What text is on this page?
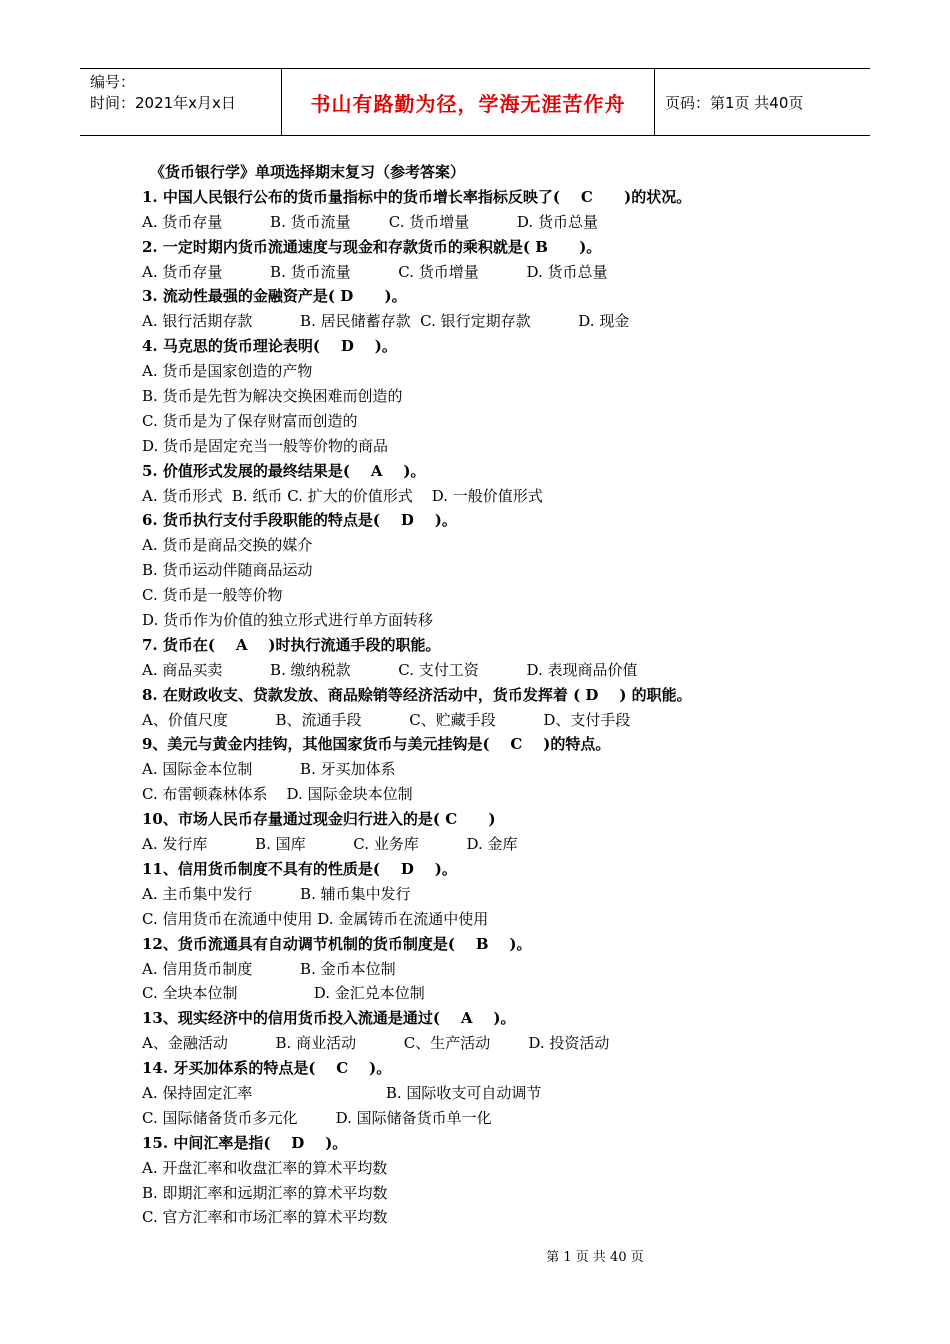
编号：
时间：2021年x月x日	书山有路勤为径，学海无涯苦作舟	页码：第1页 共40页
《货币银行学》单项选择期末复习（参考答案）
1. 中国人民银行公布的货币量指标中的货币增长率指标反映了(    C      )的状况。
A. 货币存量          B. 货币流量        C. 货币增量          D. 货币总量
2. 一定时期内货币流通速度与现金和存款货币的乘积就是( B      )。
A. 货币存量          B. 货币流量          C. 货币增量          D. 货币总量
3. 流动性最强的金融资产是( D      )。
A. 银行活期存款          B. 居民储蓄存款  C. 银行定期存款          D. 现金
4. 马克思的货币理论表明(    D    )。
A. 货币是国家创造的产物
B. 货币是先哲为解决交换困难而创造的
C. 货币是为了保存财富而创造的
D. 货币是固定充当一般等价物的商品
5. 价值形式发展的最终结果是(    A    )。
A. 货币形式  B. 纸币 C. 扩大的价值形式    D. 一般价值形式
6. 货币执行支付手段职能的特点是(    D    )。
A. 货币是商品交换的媒介
B. 货币运动伴随商品运动
C. 货币是一般等价物
D. 货币作为价值的独立形式进行单方面转移
7. 货币在(    A    )时执行流通手段的职能。
A. 商品买卖          B. 缴纳税款          C. 支付工资          D. 表现商品价值
8. 在财政收支、贷款发放、商品赊销等经济活动中，货币发挥着 ( D    ) 的职能。
A、价值尺度          B、流通手段          C、贮藏手段          D、支付手段
9、美元与黄金内挂钩，其他国家货币与美元挂钩是(    C    )的特点。
A. 国际金本位制          B. 牙买加体系
C. 布雷顿森林体系    D. 国际金块本位制
10、市场人民币存量通过现金归行进入的是( C      )
A. 发行库          B. 国库          C. 业务库          D. 金库
11、信用货币制度不具有的性质是(    D    )。
A. 主币集中发行          B. 辅币集中发行
C. 信用货币在流通中使用 D. 金属铸币在流通中使用
12、货币流通具有自动调节机制的货币制度是(    B    )。
A. 信用货币制度          B. 金币本位制
C. 全块本位制                D. 金汇兑本位制
13、现实经济中的信用货币投入流通是通过(    A    )。
A、金融活动          B. 商业活动          C、生产活动        D. 投资活动
14. 牙买加体系的特点是(    C    )。
A. 保持固定汇率                            B. 国际收支可自动调节
C. 国际储备货币多元化        D. 国际储备货币单一化
15. 中间汇率是指(    D    )。
A. 开盘汇率和收盘汇率的算术平均数
B. 即期汇率和远期汇率的算术平均数
C. 官方汇率和市场汇率的算术平均数
第 1 页 共 40 页
